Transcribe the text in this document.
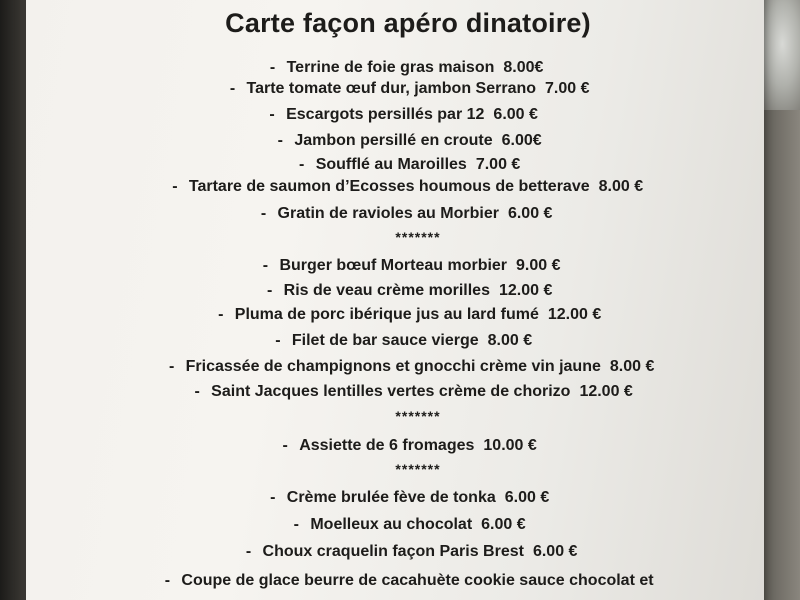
Carte façon apéro dinatoire)
- Terrine de foie gras maison 8.00€
- Tarte tomate œuf dur, jambon Serrano 7.00 €
- Escargots persillés par 12 6.00 €
- Jambon persillé en croute 6.00€
- Soufflé au Maroilles 7.00 €
- Tartare de saumon d’Ecosses houmous de betterave 8.00 €
- Gratin de ravioles au Morbier 6.00 €
*******
- Burger bœuf Morteau morbier 9.00 €
- Ris de veau crème morilles 12.00 €
- Pluma de porc ibérique jus au lard fumé 12.00 €
- Filet de bar sauce vierge 8.00 €
- Fricassée de champignons et gnocchi crème vin jaune 8.00 €
- Saint Jacques lentilles vertes crème de chorizo 12.00 €
*******
- Assiette de 6 fromages 10.00 €
*******
- Crème brulée fève de tonka 6.00 €
- Moelleux au chocolat 6.00 €
- Choux craquelin façon Paris Brest 6.00 €
- Coupe de glace beurre de cacahuète cookie sauce chocolat et
